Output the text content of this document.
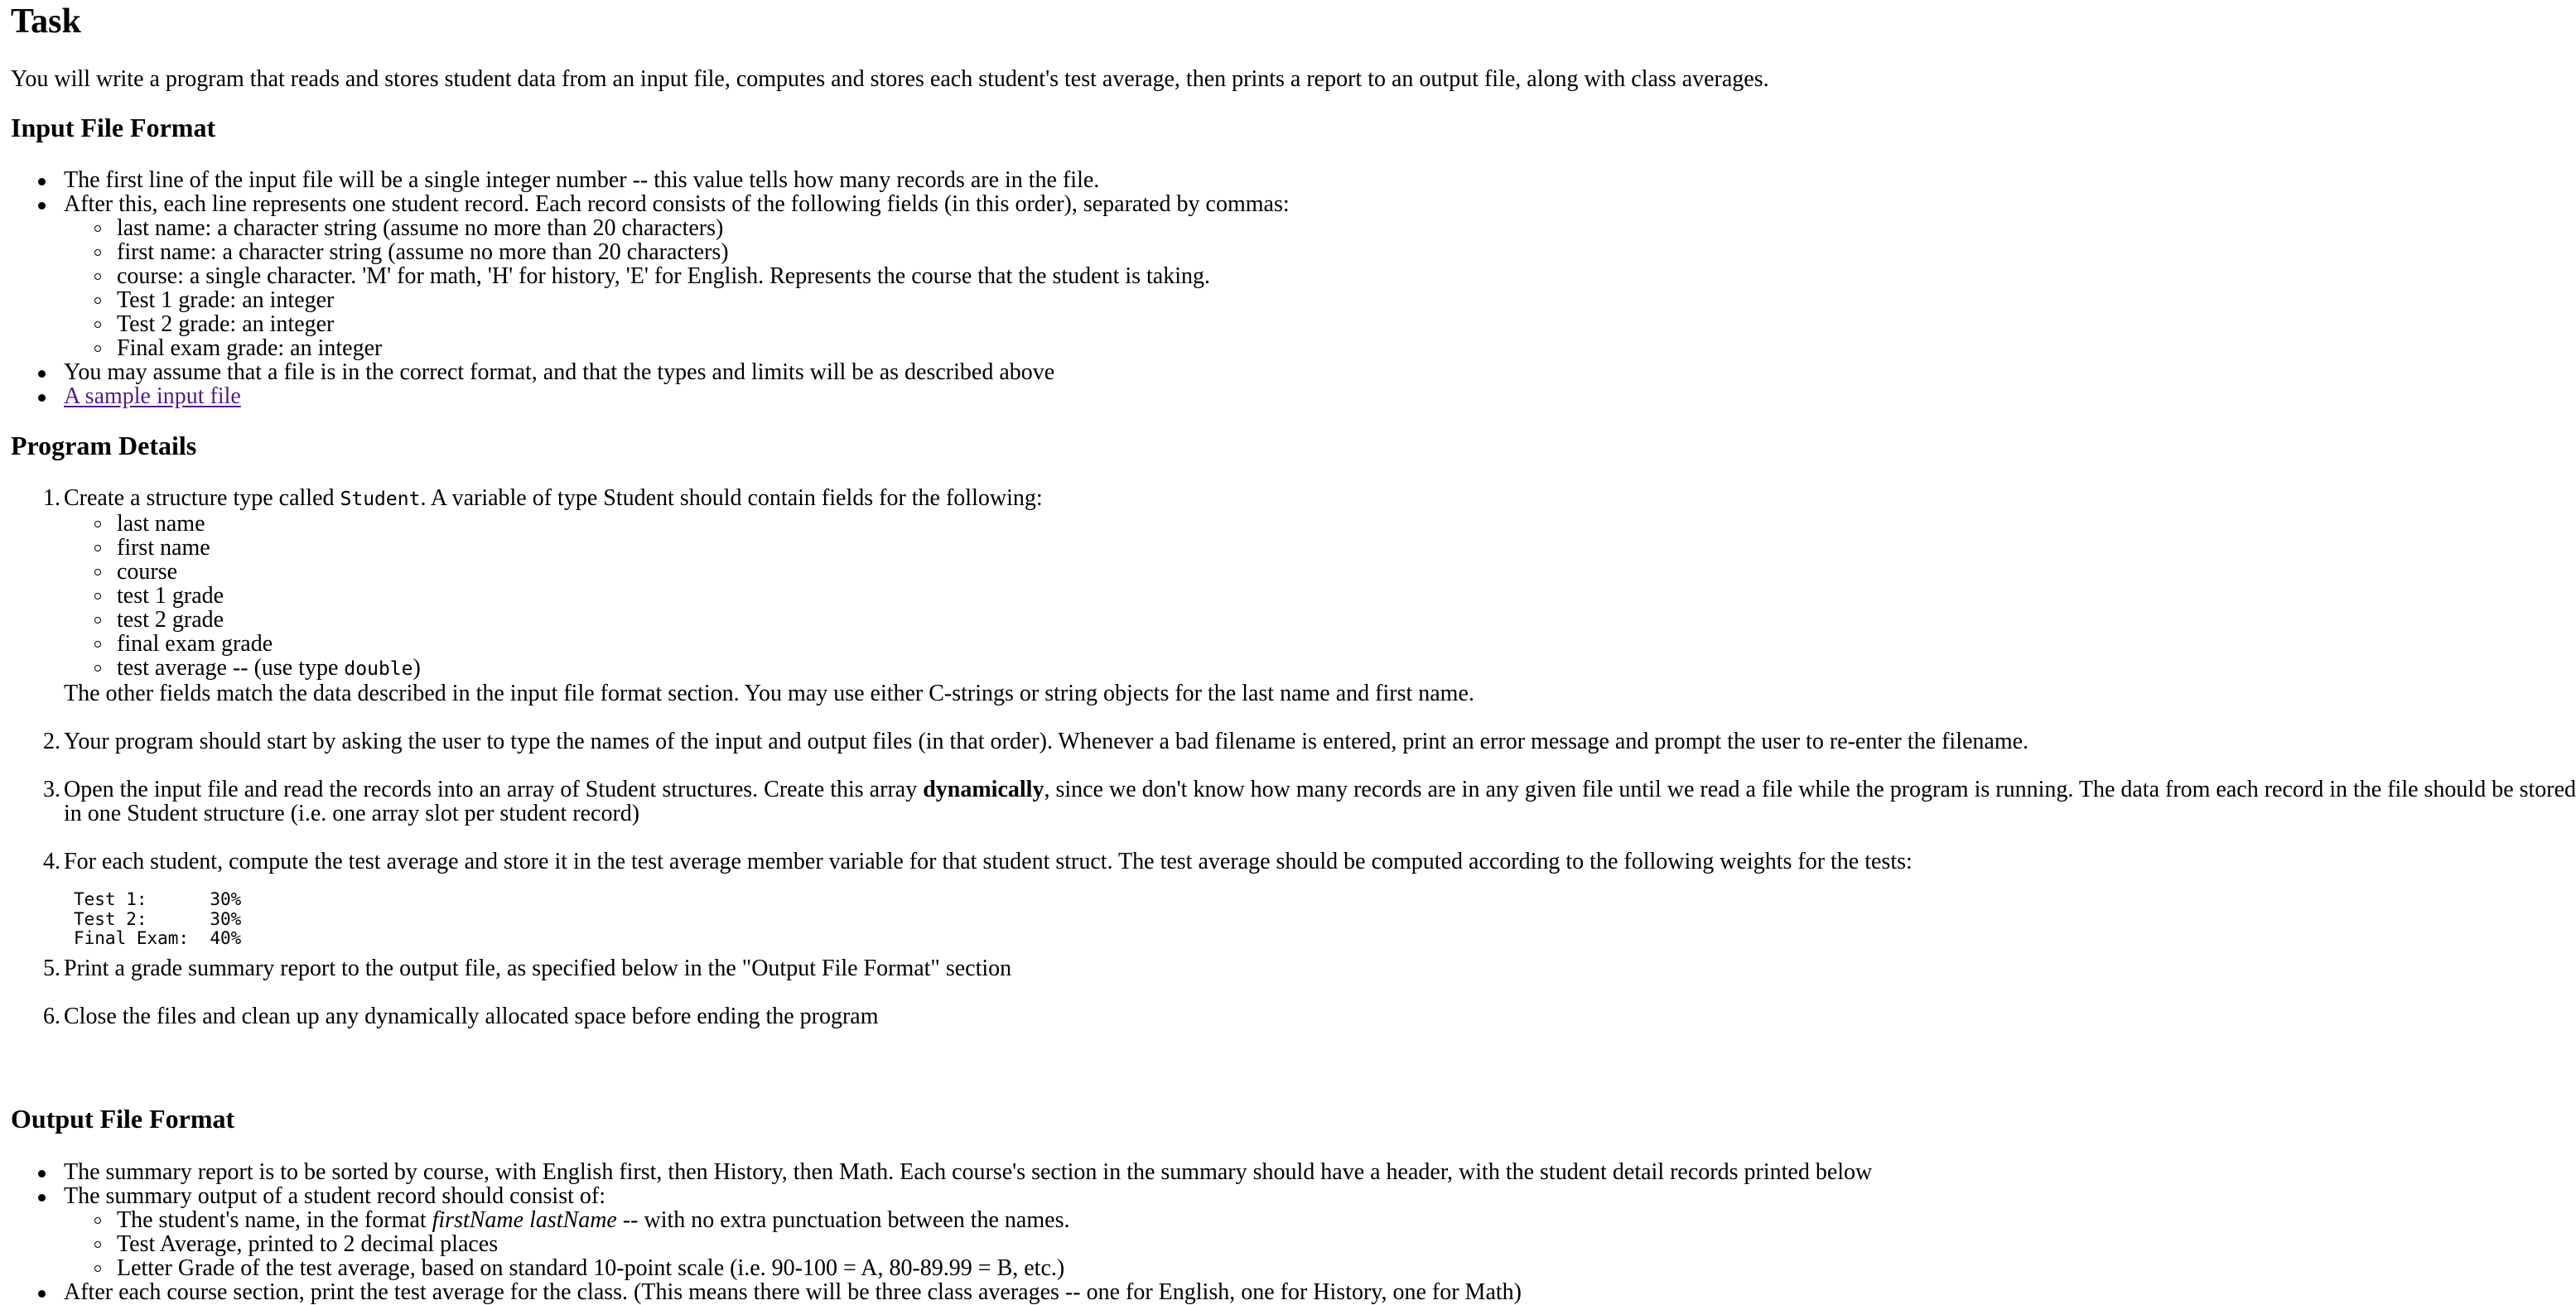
Task

You will write a program that reads and stores student data from an input file, computes and stores each student's test average, then prints a report to an output file, along with class averages.

Input File Format
The first line of the input file will be a single integer number -- this value tells how many records are in the file.
After this, each line represents one student record. Each record consists of the following fields (in this order), separated by commas:
last name: a character string (assume no more than 20 characters)
first name: a character string (assume no more than 20 characters)
course: a single character. 'M' for math, 'H' for history, 'E' for English. Represents the course that the student is taking.
Test 1 grade: an integer
Test 2 grade: an integer
Final exam grade: an integer
You may assume that a file is in the correct format, and that the types and limits will be as described above
A sample input file
Program Details
1. Create a structure type called Student. A variable of type Student should contain fields for the following:
last name
first name
course
test 1 grade
test 2 grade
final exam grade
test average -- (use type double)
The other fields match the data described in the input file format section. You may use either C-strings or string objects for the last name and first name.
2. Your program should start by asking the user to type the names of the input and output files (in that order). Whenever a bad filename is entered, print an error message and prompt the user to re-enter the filename.
3. Open the input file and read the records into an array of Student structures. Create this array dynamically, since we don't know how many records are in any given file until we read a file while the program is running. The data from each record in the file should be stored
in one Student structure (i.e. one array slot per student record)
4. For each student, compute the test average and store it in the test average member variable for that student struct. The test average should be computed according to the following weights for the tests:
Test 1:      30%
Test 2:      30%
Final Exam:  40%
5. Print a grade summary report to the output file, as specified below in the "Output File Format" section
6. Close the files and clean up any dynamically allocated space before ending the program
Output File Format
The summary report is to be sorted by course, with English first, then History, then Math. Each course's section in the summary should have a header, with the student detail records printed below
The summary output of a student record should consist of:
The student's name, in the format firstName lastName -- with no extra punctuation between the names.
Test Average, printed to 2 decimal places
Letter Grade of the test average, based on standard 10-point scale (i.e. 90-100 = A, 80-89.99 = B, etc.)
After each course section, print the test average for the class. (This means there will be three class averages -- one for English, one for History, one for Math)
